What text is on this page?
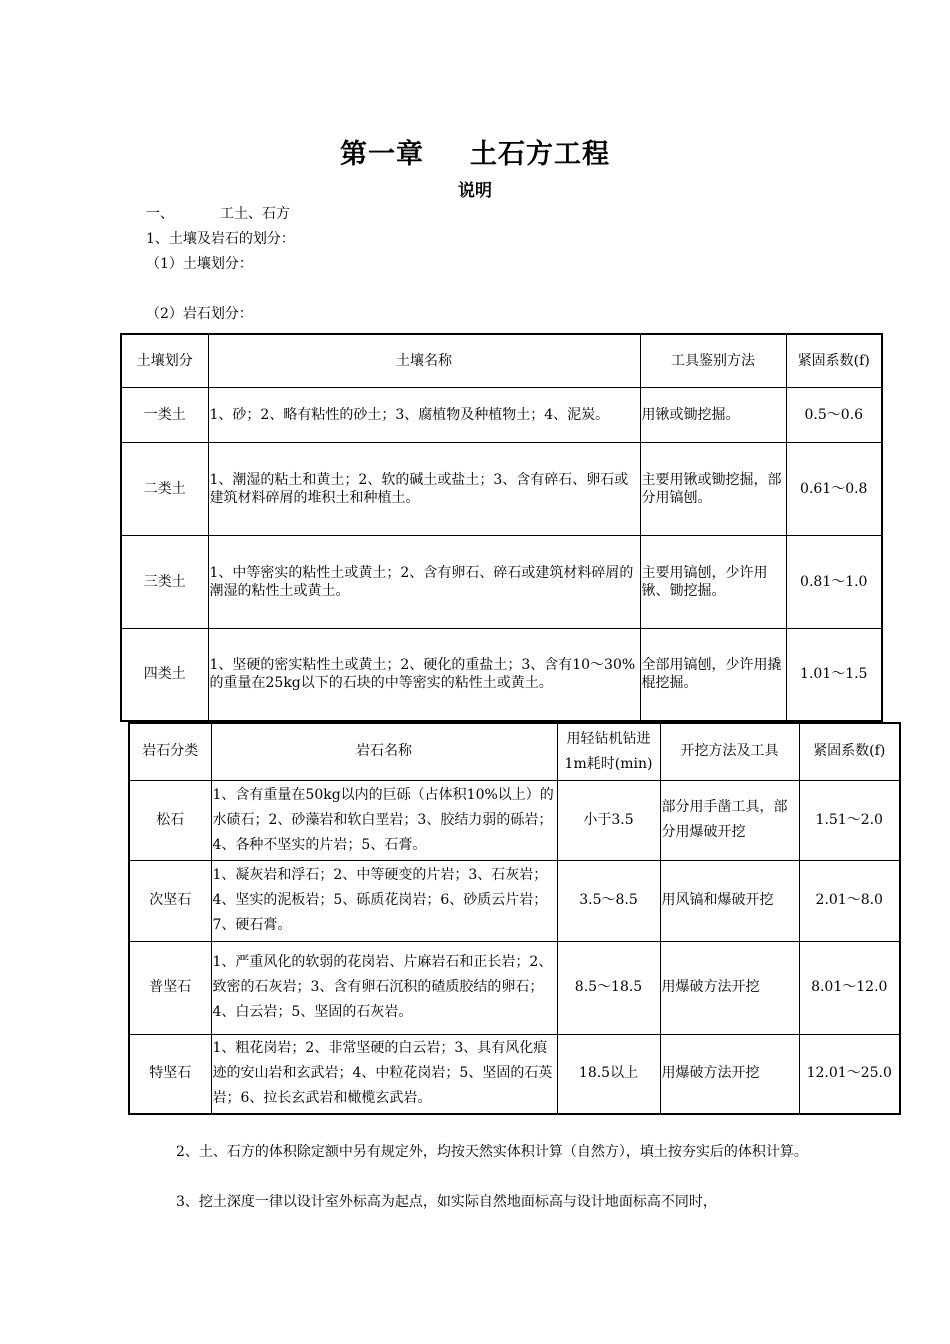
第一章 土石方工程
说明
一、	工土、石方
1、土壤及岩石的划分：
（1）土壤划分：
（2）岩石划分：
土壤划分	土壤名称	工具鉴别方法	紧固系数(f)
一类土	1、砂；2、略有粘性的砂土；3、腐植物及种植物土；4、泥炭。	用锹或锄挖掘。	0.5～0.6
二类土	1、潮湿的粘土和黄土；2、软的碱土或盐土；3、含有碎石、卵石或建筑材料碎屑的堆积土和种植土。	主要用锹或锄挖掘，部分用镐刨。	0.61～0.8
三类土	1、中等密实的粘性土或黄土；2、含有卵石、碎石或建筑材料碎屑的潮湿的粘性土或黄土。	主要用镐刨，少许用锹、锄挖掘。	0.81～1.0
四类土	1、坚硬的密实粘性土或黄土；2、硬化的重盐土；3、含有10～30%的重量在25kg以下的石块的中等密实的粘性土或黄土。	全部用镐刨，少许用撬棍挖掘。	1.01～1.5
岩石分类	岩石名称	用轻钻机钻进1m耗时(min)	开挖方法及工具	紧固系数(f)
松石	1、含有重量在50kg以内的巨砾（占体积10%以上）的水碛石；2、砂藻岩和软白垩岩；3、胶结力弱的砾岩；4、各种不坚实的片岩；5、石膏。	小于3.5	部分用手凿工具，部分用爆破开挖	1.51～2.0
次坚石	1、凝灰岩和浮石；2、中等硬变的片岩；3、石灰岩；4、坚实的泥板岩；5、砾质花岗岩；6、砂质云片岩；7、硬石膏。	3.5～8.5	用风镐和爆破开挖	2.01～8.0
普坚石	1、严重风化的软弱的花岗岩、片麻岩石和正长岩；2、致密的石灰岩；3、含有卵石沉积的碴质胶结的卵石；4、白云岩；5、坚固的石灰岩。	8.5～18.5	用爆破方法开挖	8.01～12.0
特坚石	1、粗花岗岩；2、非常坚硬的白云岩；3、具有风化痕迹的安山岩和玄武岩；4、中粒花岗岩；5、坚固的石英岩；6、拉长玄武岩和橄榄玄武岩。	18.5以上	用爆破方法开挖	12.01～25.0
2、土、石方的体积除定额中另有规定外，均按天然实体积计算（自然方），填土按夯实后的体积计算。
3、挖土深度一律以设计室外标高为起点，如实际自然地面标高与设计地面标高不同时，
